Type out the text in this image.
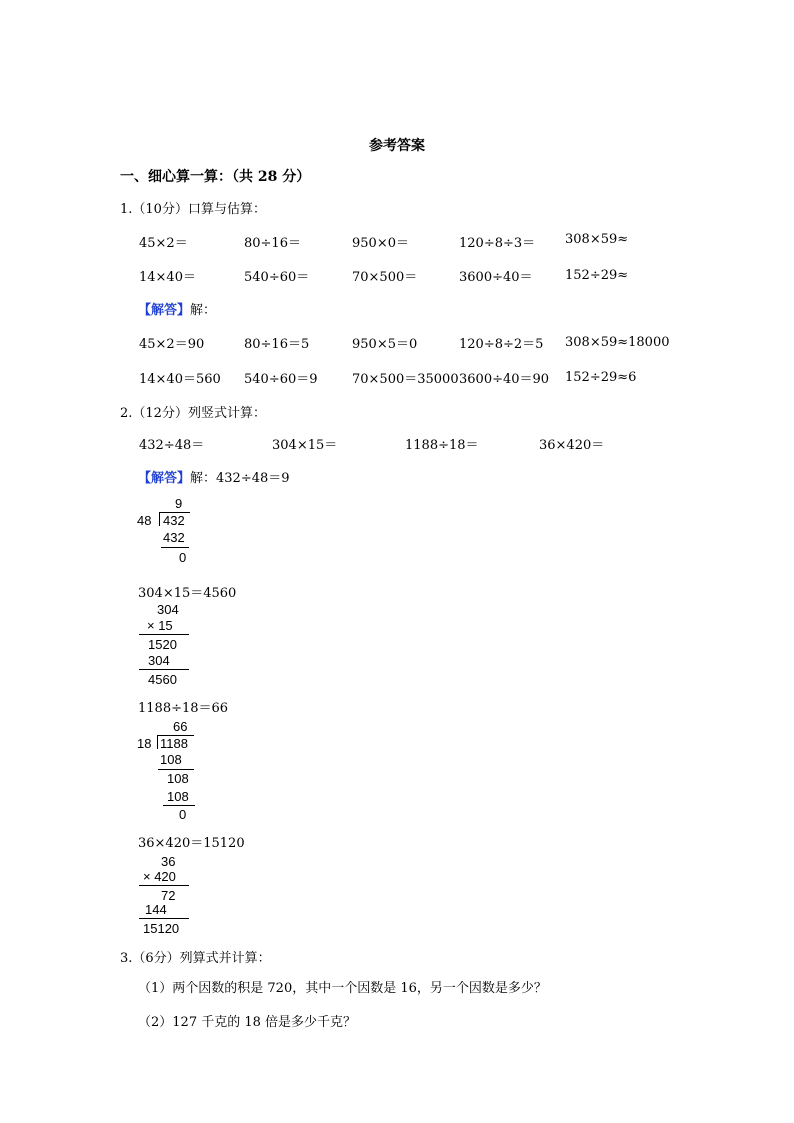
参考答案
一、细心算一算：（共 28 分）
1.（10分）口算与估算：
45×2＝	80÷16＝	950×0＝	120÷8÷3＝ 308×59≈
14×40＝	540÷60＝	70×500＝	3600÷40＝ 152÷29≈
【解答】解：
45×2＝90	80÷16＝5	950×5＝0	120÷8÷2＝5 308×59≈18000
14×40＝560 540÷60＝9	70×500＝35000 3600÷40＝90 152÷29≈6
2.（12分）列竖式计算：
432÷48＝	304×15＝	1188÷18＝	36×420＝
【解答】解：432÷48＝9
9
48 432
432
0
304×15＝4560
304
× 15
1520
304
4560
1188÷18＝66
66
18 1188
108
108
108
0
36×420＝15120
36
× 420
72
144
15120
3.（6分）列算式并计算：
（1）两个因数的积是 720，其中一个因数是 16，另一个因数是多少？
（2）127 千克的 18 倍是多少千克？
